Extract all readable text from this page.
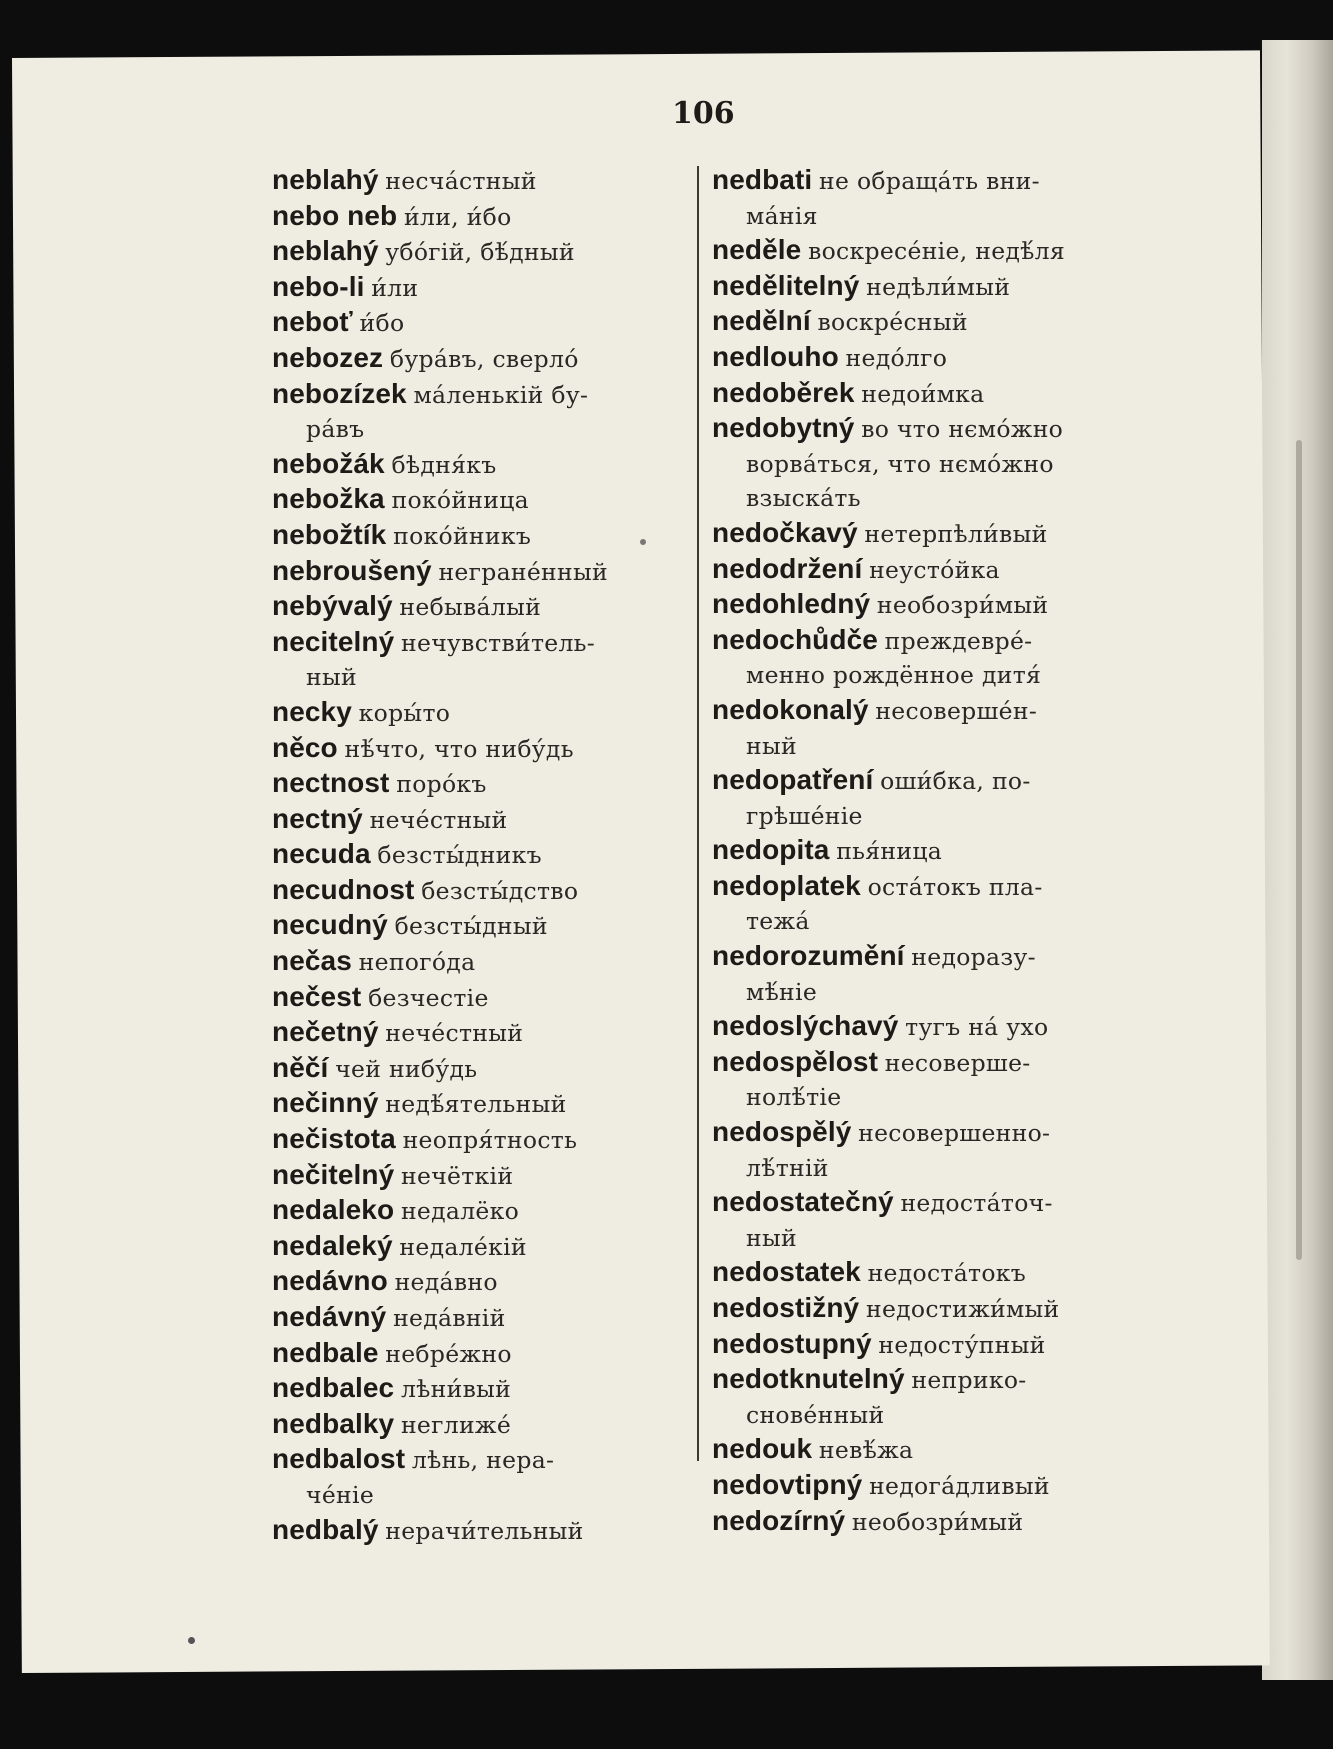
106
neblahý несча́стный
nebo neb и́ли, и́бо
neblahý убо́гій, бѣ́дный
nebo-li и́ли
neboť и́бо
nebozez бура́въ, сверло́
nebozízek ма́ленькій бу-
ра́въ
nebožák бѣдня́къ
nebožka поко́йница
nebožtík поко́йникъ
nebroušený негране́нный
nebývalý небыва́лый
necitelný нечувстви́тель-
ный
necky коры́то
něco нѣ́что, что нибу́дь
nectnost поро́къ
nectný нече́стный
necuda безсты́дникъ
necudnost безсты́дство
necudný безсты́дный
nečas непого́да
nečest безчестіе
nečetný нече́стный
něčí чей нибу́дь
nečinný недѣ́ятельный
nečistota неопря́тность
nečitelný нечёткій
nedaleko недалёко
nedaleký недале́кій
nedávno неда́вно
nedávný неда́вній
nedbale небре́жно
nedbalec лѣни́вый
nedbalky неглиже́
nedbalost лѣнь, нера-
че́ніе
nedbalý нерачи́тельный
nedbati не обраща́ть вни-
ма́нія
neděle воскресе́ніе, недѣ́ля
nedělitelný недѣли́мый
nedělní воскре́сный
nedlouho недо́лго
nedoběrek недои́мка
nedobytný во что нємо́жно
ворва́ться, что нємо́жно
взыска́ть
nedočkavý нетерпѣли́вый
nedodržení неусто́йка
nedohledný необозри́мый
nedochůdče преждевре́-
менно рождённое дитя́
nedokonalý несоверше́н-
ный
nedopatření оши́бка, по-
грѣше́ніе
nedopita пья́ница
nedoplatek оста́токъ пла-
тежа́
nedorozumění недоразу-
мѣ́ніе
nedoslýchavý тугъ на́ ухо
nedospělost несоверше-
нолѣ́тіе
nedospělý несовершенно-
лѣ́тній
nedostatečný недоста́точ-
ный
nedostatek недоста́токъ
nedostižný недостижи́мый
nedostupný недосту́пный
nedotknutelný неприко-
снове́нный
nedouk невѣ́жа
nedovtipný недога́дливый
nedozírný необозри́мый
